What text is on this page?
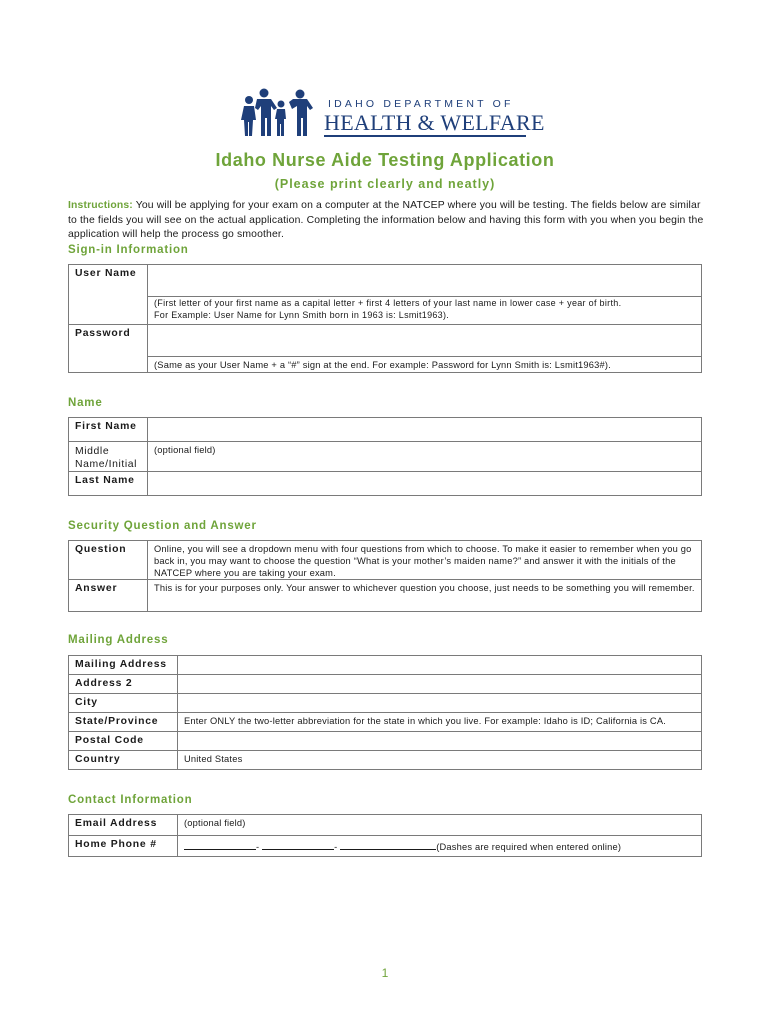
IDAHO DEPARTMENT OF
HEALTH & WELFARE
Idaho Nurse Aide Testing Application
(Please print clearly and neatly)
Instructions: You will be applying for your exam on a computer at the NATCEP where you will be testing. The fields below are similar to the fields you will see on the actual application. Completing the information below and having this form with you when you begin the application will help the process go smoother.
Sign-in Information
User Name	

	(First letter of your first name as a capital letter + first 4 letters of your last name in lower case + year of birth.
For Example: User Name for Lynn Smith born in 1963 is: Lsmit1963).

Password	
	(Same as your User Name + a “#” sign at the end. For example: Password for Lynn Smith is: Lsmit1963#).
Name
First Name	
Middle Name/Initial	(optional field)
Last Name	
Security Question and Answer
Question	Online, you will see a dropdown menu with four questions from which to choose. To make it easier to remember when you go back in, you may want to choose the question “What is your mother’s maiden name?” and answer it with the initials of the NATCEP where you are taking your exam.
Answer	This is for your purposes only. Your answer to whichever question you choose, just needs to be something you will remember.
Mailing Address
Mailing Address	
Address 2	
City	
State/Province	Enter ONLY the two-letter abbreviation for the state in which you live. For example: Idaho is ID; California is CA.
Postal Code	
Country	United States
Contact Information
Email Address	(optional field)
Home Phone #	- - (Dashes are required when entered online)
1
